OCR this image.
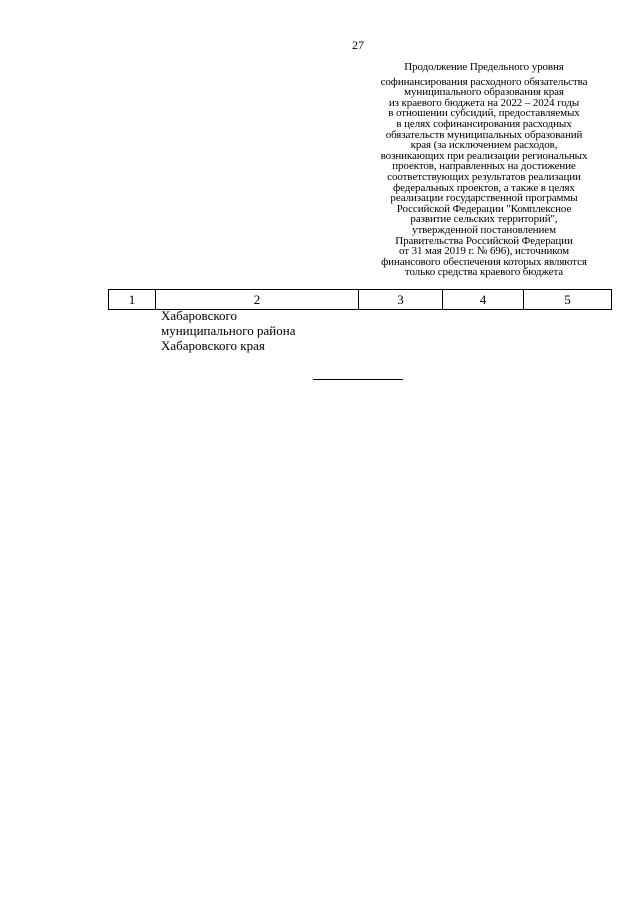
27
Продолжение Предельного уровня
софинансирования расходного обязательства
муниципального образования края
из краевого бюджета на 2022 – 2024 годы
в отношении субсидий, предоставляемых
в целях софинансирования расходных
обязательств муниципальных образований
края (за исключением расходов,
возникающих при реализации региональных
проектов, направленных на достижение
соответствующих результатов реализации
федеральных проектов, а также в целях
реализации государственной программы
Российской Федерации "Комплексное
развитие сельских территорий",
утвержденной постановлением
Правительства Российской Федерации
от 31 мая 2019 г. № 696), источником
финансового обеспечения которых являются
только средства краевого бюджета
1	2	3	4	5
Хабаровского
муниципального района
Хабаровского края
